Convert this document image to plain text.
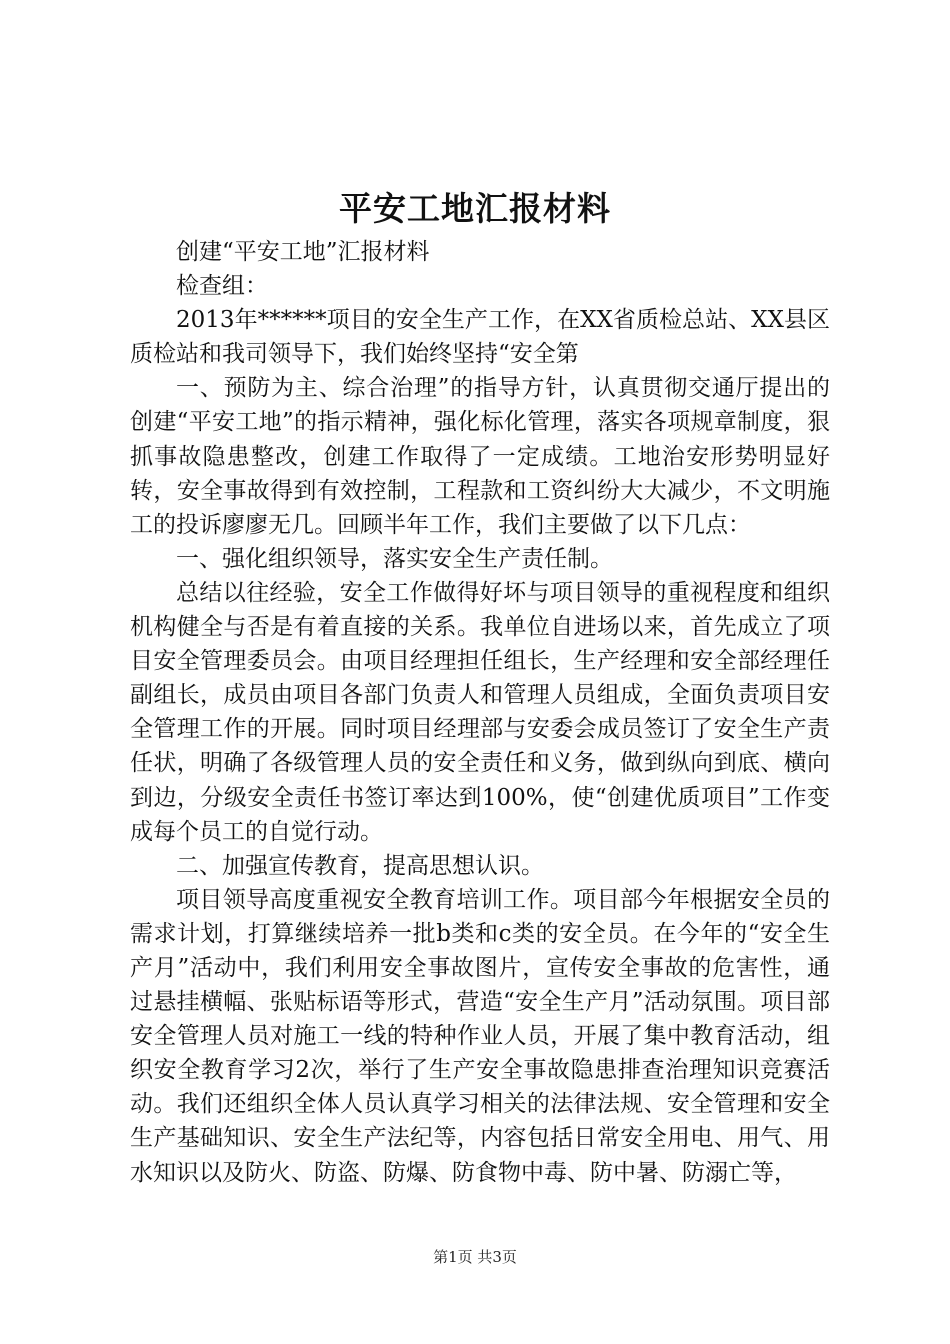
平安工地汇报材料

创建“平安工地”汇报材料

检查组：

2013年******项目的安全生产工作，在XX省质检总站、XX县区质检站和我司领导下，我们始终坚持“安全第

一、预防为主、综合治理”的指导方针，认真贯彻交通厅提出的创建“平安工地”的指示精神，强化标化管理，落实各项规章制度，狠抓事故隐患整改，创建工作取得了一定成绩。工地治安形势明显好转，安全事故得到有效控制，工程款和工资纠纷大大减少，不文明施工的投诉廖廖无几。回顾半年工作，我们主要做了以下几点：

一、强化组织领导，落实安全生产责任制。

总结以往经验，安全工作做得好坏与项目领导的重视程度和组织机构健全与否是有着直接的关系。我单位自进场以来，首先成立了项目安全管理委员会。由项目经理担任组长，生产经理和安全部经理任副组长，成员由项目各部门负责人和管理人员组成，全面负责项目安全管理工作的开展。同时项目经理部与安委会成员签订了安全生产责任状，明确了各级管理人员的安全责任和义务，做到纵向到底、横向到边，分级安全责任书签订率达到100%，使“创建优质项目”工作变成每个员工的自觉行动。

二、加强宣传教育，提高思想认识。

项目领导高度重视安全教育培训工作。项目部今年根据安全员的需求计划，打算继续培养一批b类和c类的安全员。在今年的“安全生产月”活动中，我们利用安全事故图片，宣传安全事故的危害性，通过悬挂横幅、张贴标语等形式，营造“安全生产月”活动氛围。项目部安全管理人员对施工一线的特种作业人员，开展了集中教育活动，组织安全教育学习2次，举行了生产安全事故隐患排查治理知识竞赛活动。我们还组织全体人员认真学习相关的法律法规、安全管理和安全生产基础知识、安全生产法纪等，内容包括日常安全用电、用气、用水知识以及防火、防盗、防爆、防食物中毒、防中暑、防溺亡等，

第1页 共3页
